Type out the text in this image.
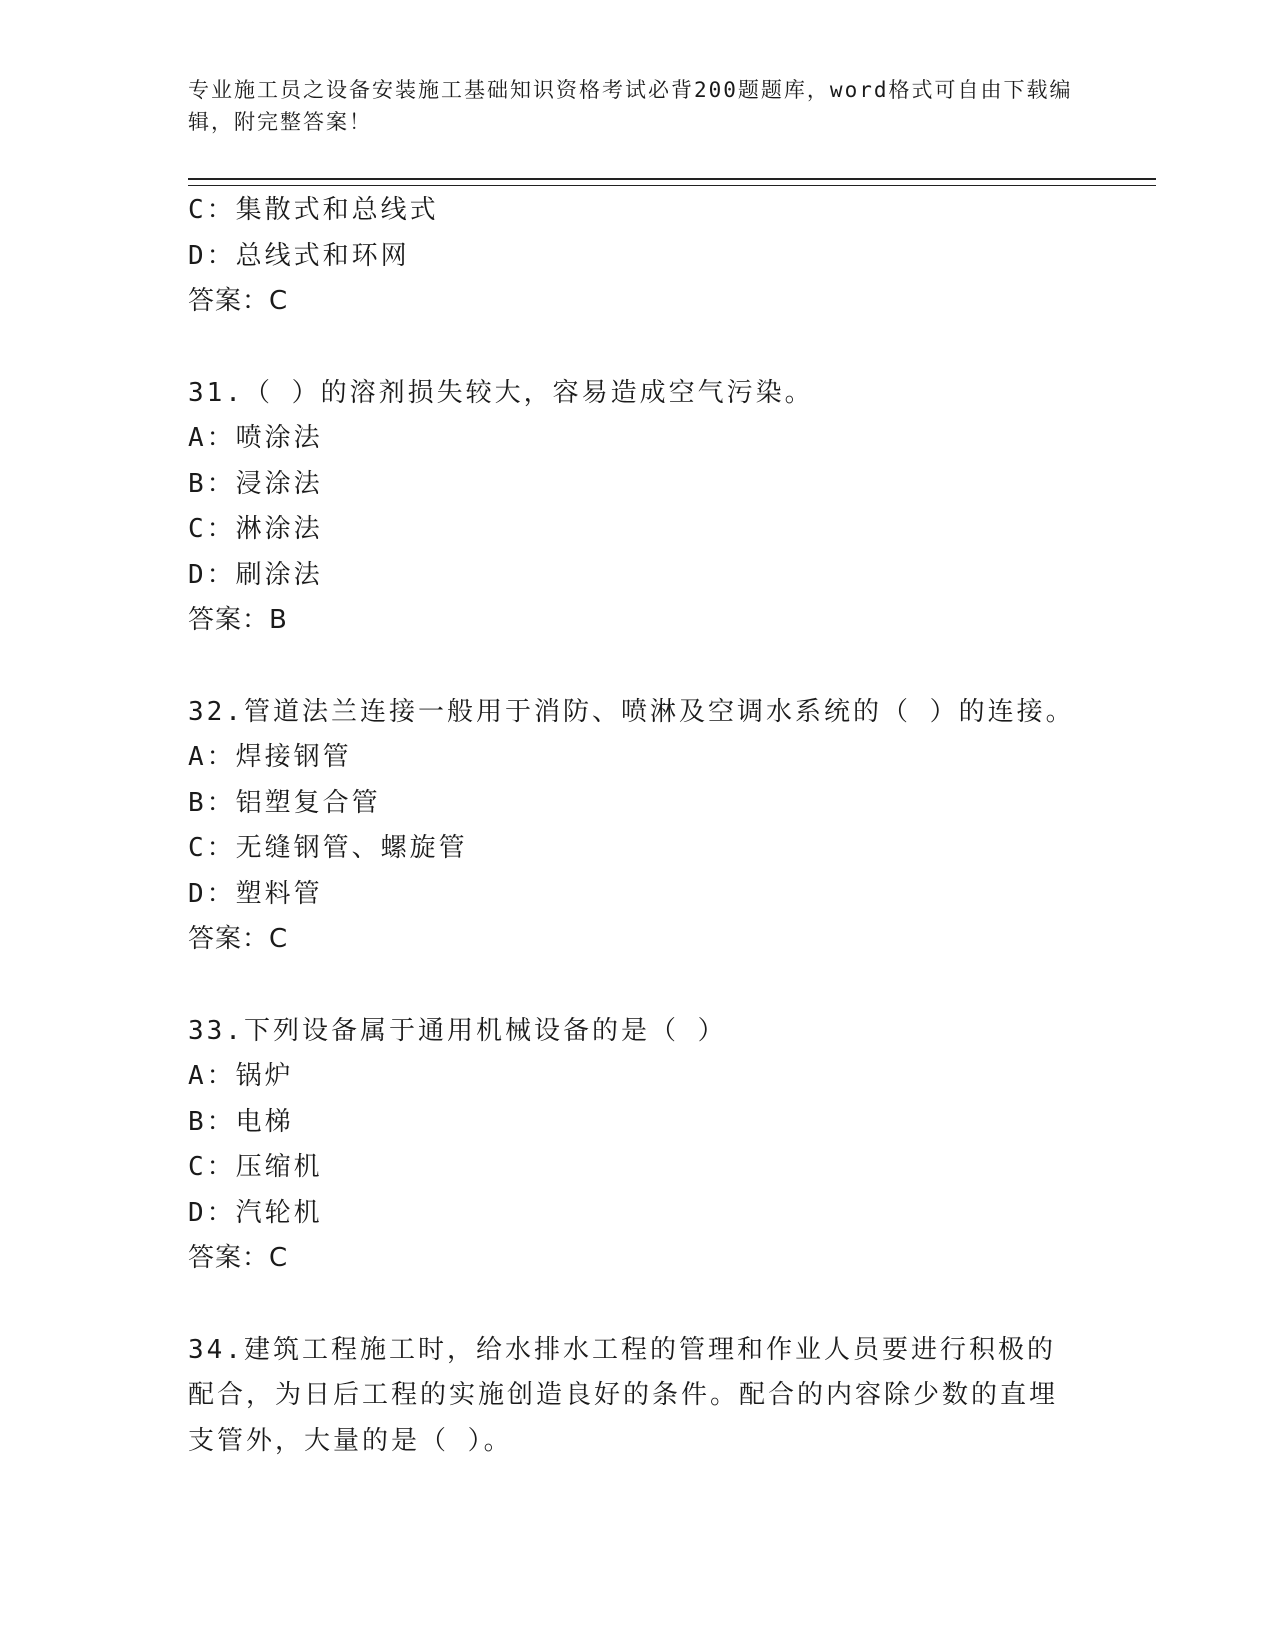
专业施工员之设备安装施工基础知识资格考试必背200题题库，word格式可自由下载编辑，附完整答案！
C：集散式和总线式
D：总线式和环网
答案：C
31.（ ）的溶剂损失较大，容易造成空气污染。
A：喷涂法
B：浸涂法
C：淋涂法
D：刷涂法
答案：B
32.管道法兰连接一般用于消防、喷淋及空调水系统的（ ）的连接。
A：焊接钢管
B：铝塑复合管
C：无缝钢管、螺旋管
D：塑料管
答案：C
33.下列设备属于通用机械设备的是（ ）
A：锅炉
B：电梯
C：压缩机
D：汽轮机
答案：C
34.建筑工程施工时，给水排水工程的管理和作业人员要进行积极的配合，为日后工程的实施创造良好的条件。配合的内容除少数的直埋支管外，大量的是（ ）。
